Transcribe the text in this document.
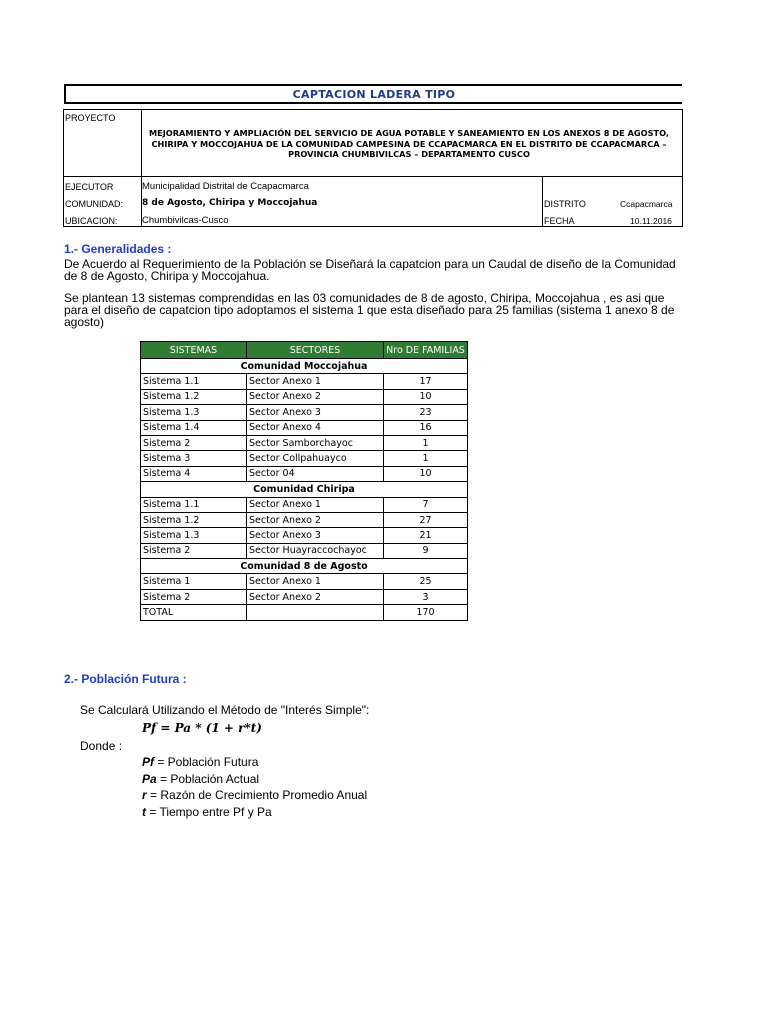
CAPTACION LADERA TIPO
PROYECTO
MEJORAMIENTO Y AMPLIACIÓN DEL SERVICIO DE AGUA POTABLE Y SANEAMIENTO EN LOS ANEXOS 8 DE AGOSTO, CHIRIPA Y MOCCOJAHUA DE LA COMUNIDAD CAMPESINA DE CCAPACMARCA EN EL DISTRITO DE CCAPACMARCA – PROVINCIA CHUMBIVILCAS – DEPARTAMENTO CUSCO
EJECUTOR	Municipalidad Distrital de Ccapacmarca
COMUNIDAD: 8 de Agosto, Chiripa y Moccojahua
UBICACION:	Chumbivilcas-Cusco
DISTRITO	Ccapacmarca
FECHA	10.11.2016
1.- Generalidades :
De Acuerdo al Requerimiento de la Población se Diseñará la capatcion para un Caudal de diseño de la Comunidad de 8 de Agosto, Chiripa y Moccojahua.
Se plantean 13 sistemas comprendidas en las 03 comunidades de 8 de agosto, Chiripa, Moccojahua , es asi que para el diseño de capatcion tipo adoptamos el sistema 1 que esta diseñado para 25 familias (sistema 1 anexo 8 de agosto)
SISTEMAS	SECTORES	Nro DE FAMILIAS
Comunidad Moccojahua		
Sistema 1.1	Sector Anexo 1	17
Sistema 1.2	Sector Anexo 2	10
Sistema 1.3	Sector Anexo 3	23
Sistema 1.4	Sector Anexo 4	16
Sistema 2	Sector Samborchayoc	1
Sistema 3	Sector Collpahuayco	1
Sistema 4	Sector 04	10
Comunidad Chiripa		
Sistema 1.1	Sector Anexo 1	7
Sistema 1.2	Sector Anexo 2	27
Sistema 1.3	Sector Anexo 3	21
Sistema 2	Sector Huayraccochayoc	9
Comunidad 8 de Agosto		
Sistema 1	Sector Anexo 1	25
Sistema 2	Sector Anexo 2	3
TOTAL		170
2.- Población Futura :
Se Calculará Utilizando el Método de "Interés Simple":
Pf = Pa * (1 + r*t)
Donde :
Pf = Población Futura
Pa = Población Actual
r = Razón de Crecimiento Promedio Anual
t = Tiempo entre Pf y Pa
